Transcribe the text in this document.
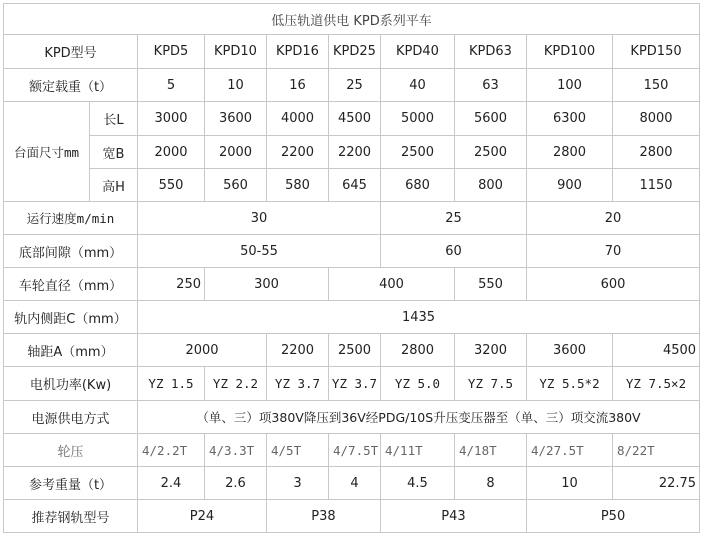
低压轨道供电 KPD系列平车									
KPD型号		KPD5	KPD10	KPD16	KPD25	KPD40	KPD63	KPD100	KPD150
额定载重（t）		5	10	16	25	40	63	100	150
台面尺寸mm	长L	3000	3600	4000	4500	5000	5600	6300	8000
	宽B	2000	2000	2200	2200	2500	2500	2800	2800
	高H	550	560	580	645	680	800	900	1150
运行速度m/min		30				25		20	
底部间隙（mm）		50-55				60		70	
车轮直径（mm）		250	300		400		550	600	
轨内侧距C（mm）		1435							
轴距A（mm）		2000		2200	2500	2800	3200	3600	4500
电机功率(Kw)		YZ 1.5	YZ 2.2	YZ 3.7	YZ 3.7	YZ 5.0	YZ 7.5	YZ 5.5*2	YZ 7.5×2
电源供电方式		（单、三）项380V降压到36V经PDG/10S升压变压器至（单、三）项交流380V							
轮压		4/2.2T	4/3.3T	4/5T	4/7.5T	4/11T	4/18T	4/27.5T	8/22T
参考重量（t）		2.4	2.6	3	4	4.5	8	10	22.75
推荐钢轨型号		P24		P38		P43		P50	
